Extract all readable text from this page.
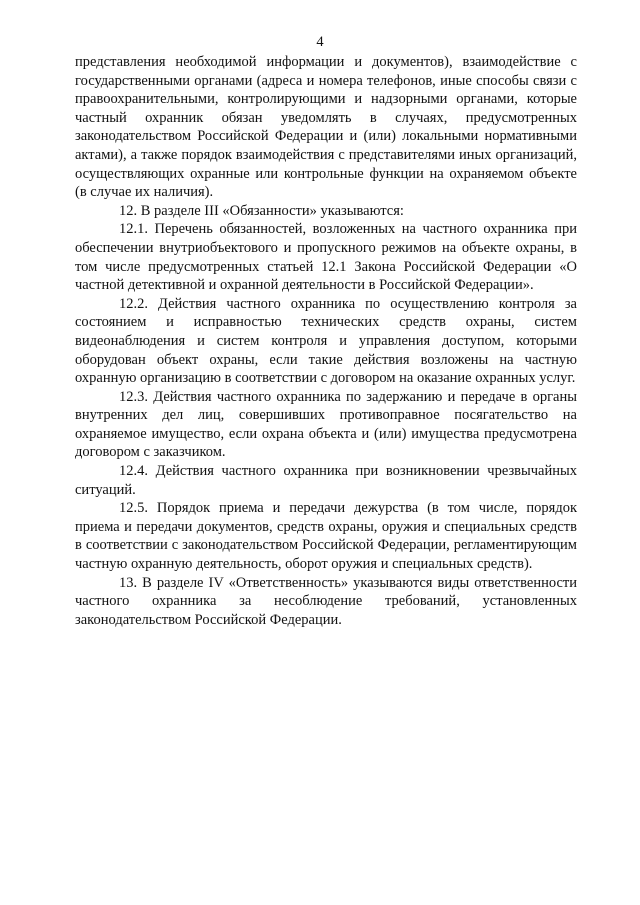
4

представления необходимой информации и документов), взаимодействие с государственными органами (адреса и номера телефонов, иные способы связи с правоохранительными, контролирующими и надзорными органами, которые частный охранник обязан уведомлять в случаях, предусмотренных законодательством Российской Федерации и (или) локальными нормативными актами), а также порядок взаимодействия с представителями иных организаций, осуществляющих охранные или контрольные функции на охраняемом объекте (в случае их наличия).

12. В разделе III «Обязанности» указываются:

12.1. Перечень обязанностей, возложенных на частного охранника при обеспечении внутриобъектового и пропускного режимов на объекте охраны, в том числе предусмотренных статьей 12.1 Закона Российской Федерации «О частной детективной и охранной деятельности в Российской Федерации».

12.2. Действия частного охранника по осуществлению контроля за состоянием и исправностью технических средств охраны, систем видеонаблюдения и систем контроля и управления доступом, которыми оборудован объект охраны, если такие действия возложены на частную охранную организацию в соответствии с договором на оказание охранных услуг.

12.3. Действия частного охранника по задержанию и передаче в органы внутренних дел лиц, совершивших противоправное посягательство на охраняемое имущество, если охрана объекта и (или) имущества предусмотрена договором с заказчиком.

12.4. Действия частного охранника при возникновении чрезвычайных ситуаций.

12.5. Порядок приема и передачи дежурства (в том числе, порядок приема и передачи документов, средств охраны, оружия и специальных средств в соответствии с законодательством Российской Федерации, регламентирующим частную охранную деятельность, оборот оружия и специальных средств).

13. В разделе IV «Ответственность» указываются виды ответственности частного охранника за несоблюдение требований, установленных законодательством Российской Федерации.
